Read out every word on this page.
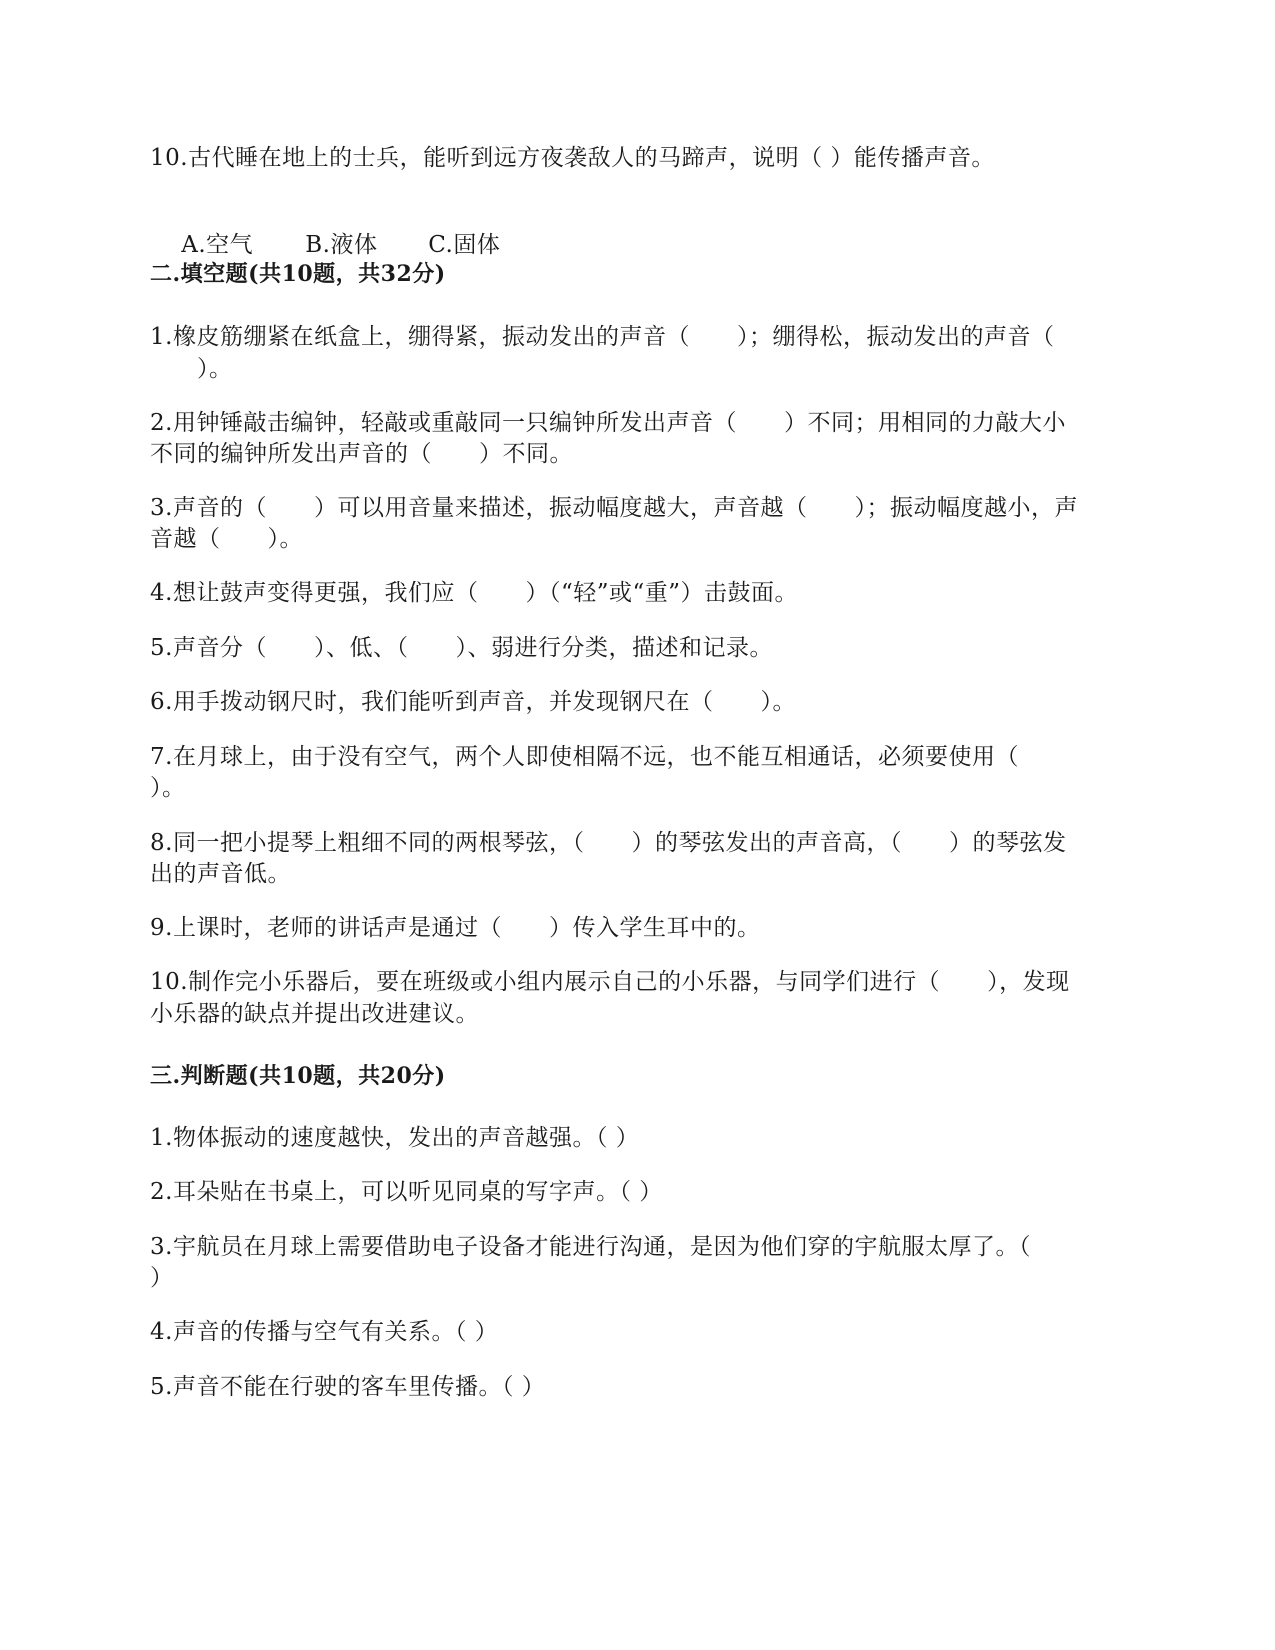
10.古代睡在地上的士兵，能听到远方夜袭敌人的马蹄声，说明（ ）能传播声音。

A.空气 B.液体 C.固体

二.填空题(共10题，共32分)
1.橡皮筋绷紧在纸盒上，绷得紧，振动发出的声音（　　）；绷得松，振动发出的声音（
　　）。
2.用钟锤敲击编钟，轻敲或重敲同一只编钟所发出声音（　　）不同；用相同的力敲大小
不同的编钟所发出声音的（　　）不同。
3.声音的（　　）可以用音量来描述，振动幅度越大，声音越（　　）；振动幅度越小，声
音越（　　）。
4.想让鼓声变得更强，我们应（　　）（“轻”或“重”）击鼓面。
5.声音分（　　）、低、（　　）、弱进行分类，描述和记录。
6.用手拨动钢尺时，我们能听到声音，并发现钢尺在（　　）。
7.在月球上，由于没有空气，两个人即使相隔不远，也不能互相通话，必须要使用（
）。
8.同一把小提琴上粗细不同的两根琴弦，（　　）的琴弦发出的声音高，（　　）的琴弦发
出的声音低。
9.上课时，老师的讲话声是通过（　　）传入学生耳中的。
10.制作完小乐器后，要在班级或小组内展示自己的小乐器，与同学们进行（　　），发现
小乐器的缺点并提出改进建议。
三.判断题(共10题，共20分)
1.物体振动的速度越快，发出的声音越强。（ ）
2.耳朵贴在书桌上，可以听见同桌的写字声。（ ）
3.宇航员在月球上需要借助电子设备才能进行沟通，是因为他们穿的宇航服太厚了。（
）
4.声音的传播与空气有关系。（ ）
5.声音不能在行驶的客车里传播。（ ）
